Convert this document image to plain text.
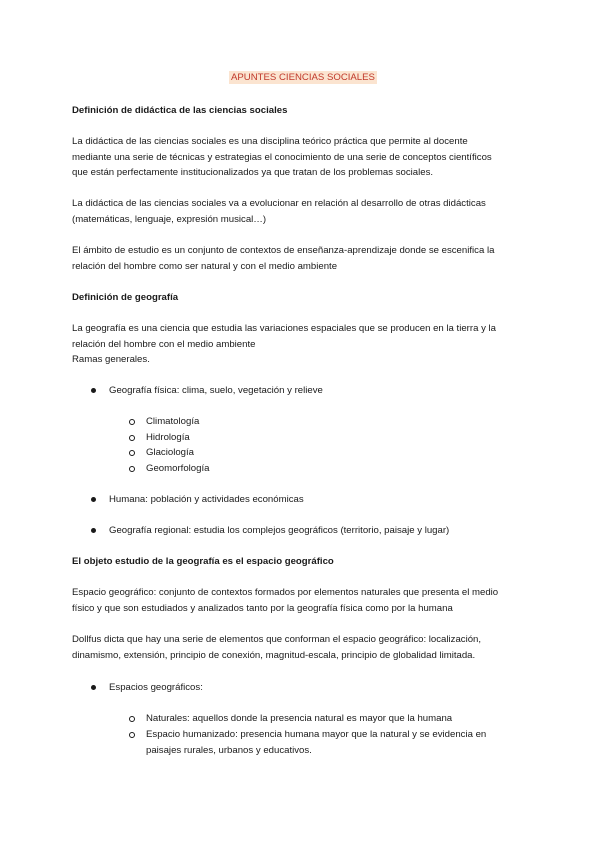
APUNTES CIENCIAS SOCIALES
Definición de didáctica de las ciencias sociales
La didáctica de las ciencias sociales es una disciplina teórico práctica que permite al docente
mediante una serie de técnicas y estrategias el conocimiento de una serie de conceptos científicos
que están perfectamente institucionalizados ya que tratan de los problemas sociales.
La didáctica de las ciencias sociales va a evolucionar en relación al desarrollo de otras didácticas
(matemáticas, lenguaje, expresión musical…)
El ámbito de estudio es un conjunto de contextos de enseñanza-aprendizaje donde se escenifica la
relación del hombre como ser natural y con el medio ambiente
Definición de geografía
La geografía es una ciencia que estudia las variaciones espaciales que se producen en la tierra y la
relación del hombre con el medio ambiente
Ramas generales.
Geografía física: clima, suelo, vegetación y relieve
Climatología
Hidrología
Glaciología
Geomorfología
Humana: población y actividades económicas
Geografía regional: estudia los complejos geográficos (territorio, paisaje y lugar)
El objeto estudio de la geografía es el espacio geográfico
Espacio geográfico: conjunto de contextos formados por elementos naturales que presenta el medio
físico y que son estudiados y analizados tanto por la geografía física como por la humana
Dollfus dicta que hay una serie de elementos que conforman el espacio geográfico: localización,
dinamismo, extensión, principio de conexión, magnitud-escala, principio de globalidad limitada.
Espacios geográficos:
Naturales: aquellos donde la presencia natural es mayor que la humana
Espacio humanizado: presencia humana mayor que la natural y se evidencia en
paisajes rurales, urbanos y educativos.
